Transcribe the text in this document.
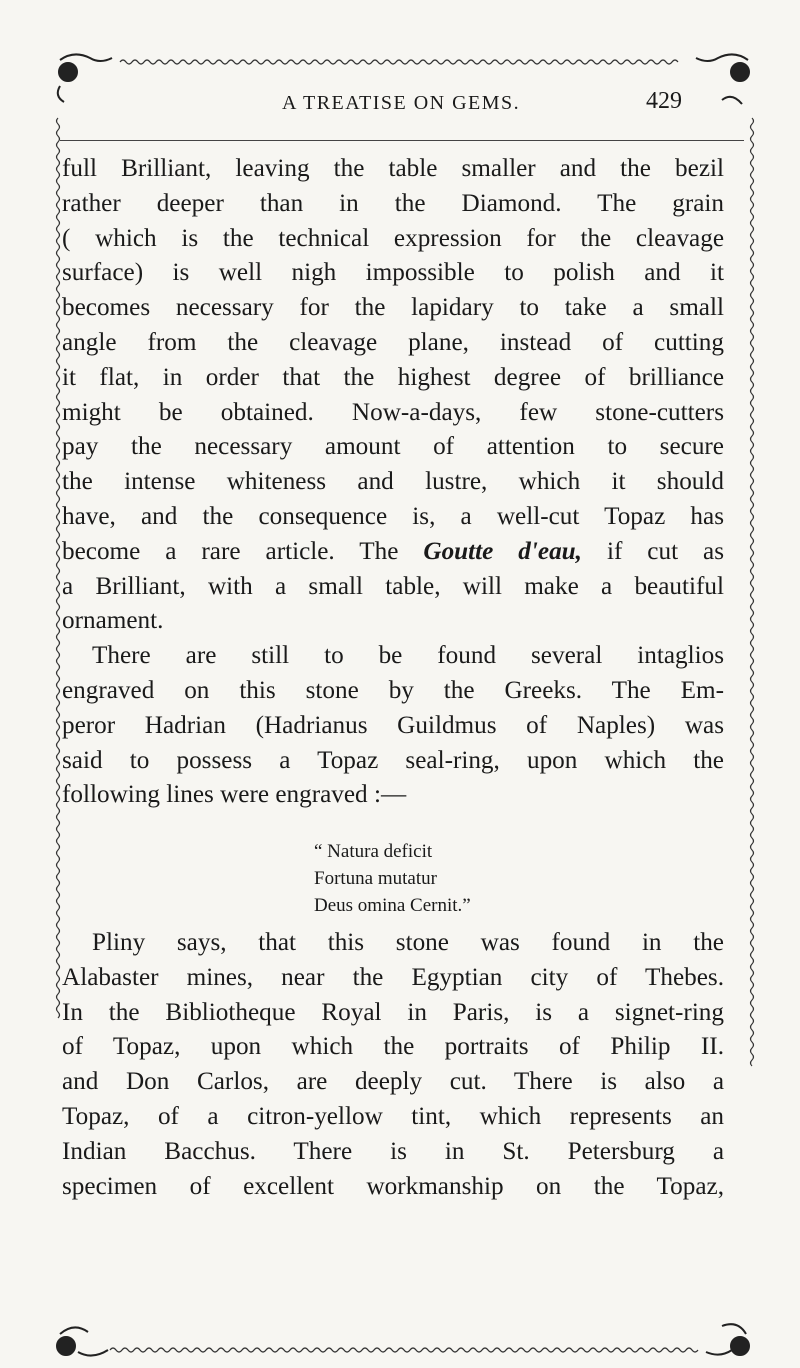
A TREATISE ON GEMS.	429
full Brilliant, leaving the table smaller and the bezil
rather deeper than in the Diamond. The grain
( which is the technical expression for the cleavage
surface) is well nigh impossible to polish and it
becomes necessary for the lapidary to take a small
angle from the cleavage plane, instead of cutting
it flat, in order that the highest degree of brilliance
might be obtained. Now-a-days, few stone-cutters
pay the necessary amount of attention to secure
the intense whiteness and lustre, which it should
have, and the consequence is, a well-cut Topaz has
become a rare article. The Goutte d'eau, if cut as
a Brilliant, with a small table, will make a beautiful
ornament.
There are still to be found several intaglios
engraved on this stone by the Greeks. The Em-
peror Hadrian (Hadrianus Guildmus of Naples) was
said to possess a Topaz seal-ring, upon which the
following lines were engraved :—
“ Natura deficit
Fortuna mutatur
Deus omina Cernit.”
Pliny says, that this stone was found in the
Alabaster mines, near the Egyptian city of Thebes.
In the Bibliotheque Royal in Paris, is a signet-ring
of Topaz, upon which the portraits of Philip II.
and Don Carlos, are deeply cut. There is also a
Topaz, of a citron-yellow tint, which represents an
Indian Bacchus. There is in St. Petersburg a
specimen of excellent workmanship on the Topaz,
